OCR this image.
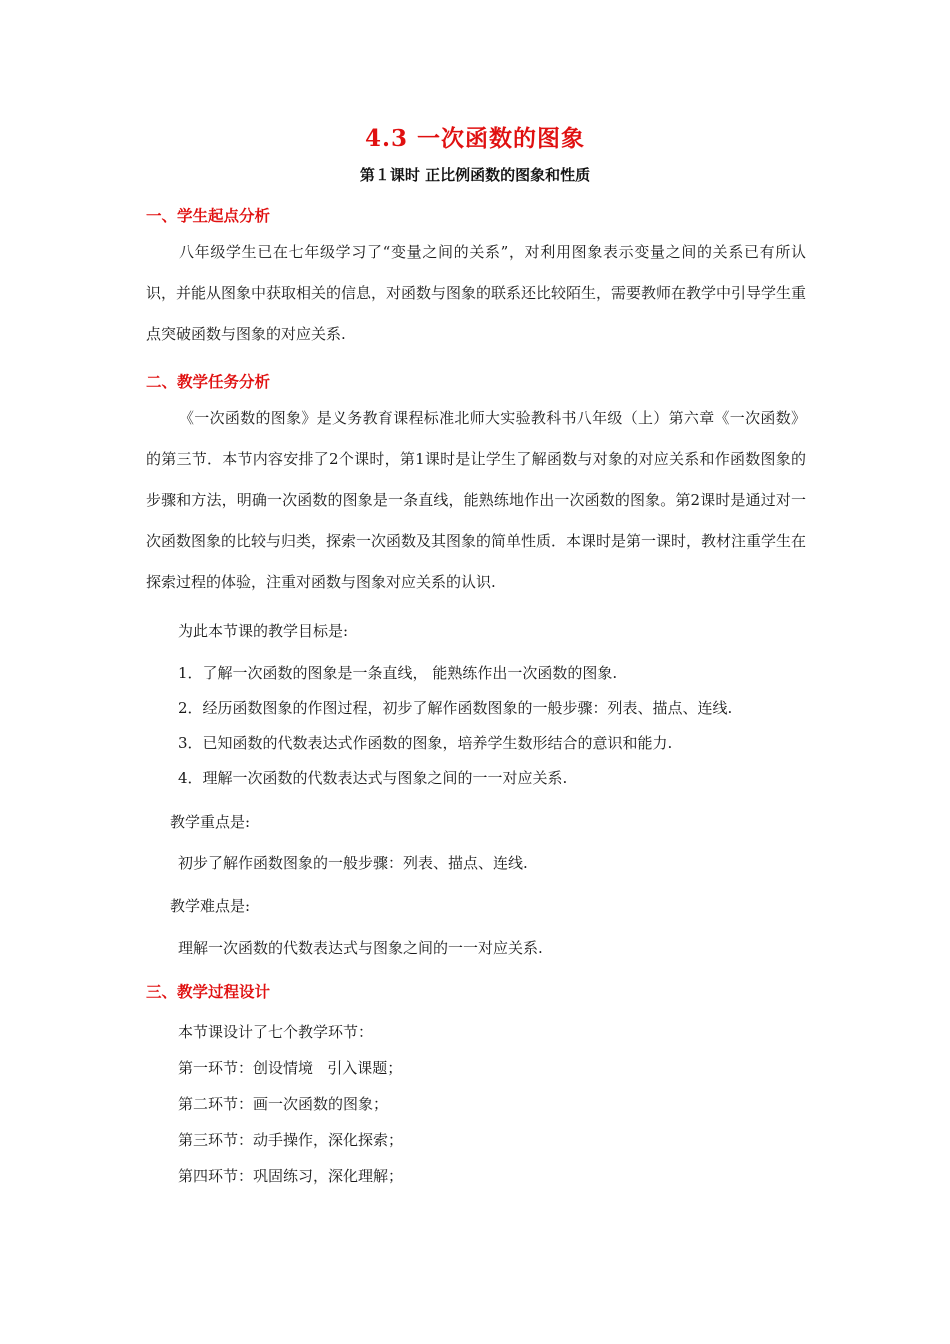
4.3 一次函数的图象
第１课时 正比例函数的图象和性质
一、学生起点分析

八年级学生已在七年级学习了“变量之间的关系”，对利用图象表示变量之间的关系已有所认识，并能从图象中获取相关的信息，对函数与图象的联系还比较陌生，需要教师在教学中引导学生重点突破函数与图象的对应关系.

二、教学任务分析

《一次函数的图象》是义务教育课程标准北师大实验教科书八年级（上）第六章《一次函数》的第三节．本节内容安排了2个课时，第1课时是让学生了解函数与对象的对应关系和作函数图象的步骤和方法，明确一次函数的图象是一条直线，能熟练地作出一次函数的图象。第2课时是通过对一次函数图象的比较与归类，探索一次函数及其图象的简单性质．本课时是第一课时，教材注重学生在探索过程的体验，注重对函数与图象对应关系的认识.

为此本节课的教学目标是:
1．了解一次函数的图象是一条直线， 能熟练作出一次函数的图象.
2．经历函数图象的作图过程，初步了解作函数图象的一般步骤：列表、描点、连线.
3．已知函数的代数表达式作函数的图象，培养学生数形结合的意识和能力.
4．理解一次函数的代数表达式与图象之间的一一对应关系.
教学重点是:
初步了解作函数图象的一般步骤：列表、描点、连线.
教学难点是:
理解一次函数的代数表达式与图象之间的一一对应关系.
三、教学过程设计
本节课设计了七个教学环节：
第一环节：创设情境   引入课题；
第二环节：画一次函数的图象；
第三环节：动手操作，深化探索；
第四环节：巩固练习，深化理解；
